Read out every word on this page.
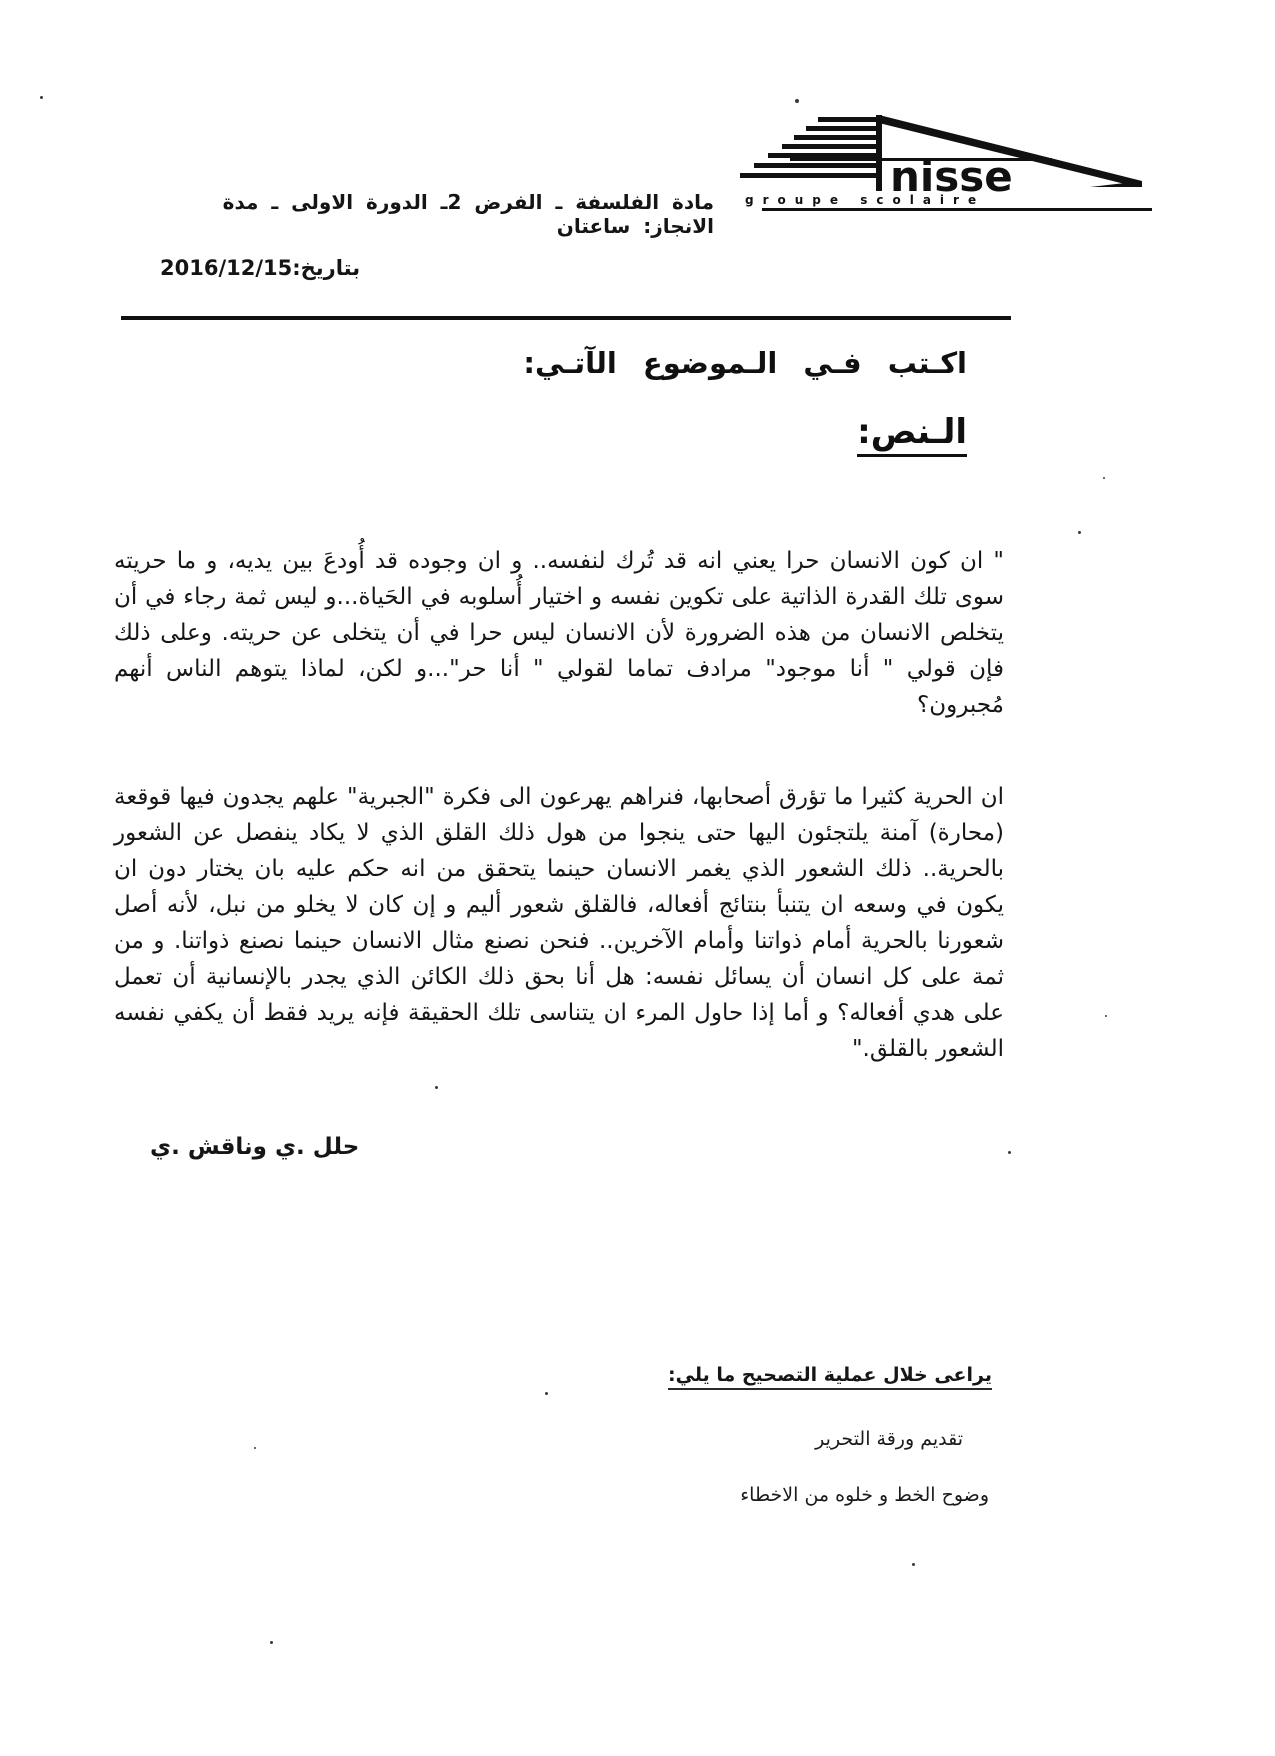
nisse
groupe scolaire
مادة الفلسفة ـ الفرض 2ـ الدورة الاولى ـ مدة الانجاز: ساعتان
بتاريخ:2016/12/15
اكـتب فـي الـموضوع الآتـي:
الـنص:

" ان كون الانسان حرا يعني انه قد تُرك لنفسه.. و ان وجوده قد أُودعَ بين يديه، و ما حريته سوى تلك القدرة الذاتية على تكوين نفسه و اختيار أُسلوبه في الحَياة...و ليس ثمة رجاء في أن يتخلص الانسان من هذه الضرورة لأن الانسان ليس حرا في أن يتخلى عن حريته. وعلى ذلك فإن قولي " أنا موجود" مرادف تماما لقولي " أنا حر"...و لكن، لماذا يتوهم الناس أنهم مُجبرون؟

ان الحرية كثيرا ما تؤرق أصحابها، فنراهم يهرعون الى فكرة "الجبرية" علهم يجدون فيها قوقعة (محارة) آمنة يلتجئون اليها حتى ينجوا من هول ذلك القلق الذي لا يكاد ينفصل عن الشعور بالحرية.. ذلك الشعور الذي يغمر الانسان حينما يتحقق من انه حكم عليه بان يختار دون ان يكون في وسعه ان يتنبأ بنتائج أفعاله، فالقلق شعور أليم و إن كان لا يخلو من نبل، لأنه أصل شعورنا بالحرية أمام ذواتنا وأمام الآخرين.. فنحن نصنع مثال الانسان حينما نصنع ذواتنا. و من ثمة على كل انسان أن يسائل نفسه: هل أنا بحق ذلك الكائن الذي يجدر بالإنسانية أن تعمل على هدي أفعاله؟ و أما إذا حاول المرء ان يتناسى تلك الحقيقة فإنه يريد فقط أن يكفي نفسه الشعور بالقلق."

حلل .ي وناقش .ي
يراعى خلال عملية التصحيح ما يلي:
تقديم ورقة التحرير
وضوح الخط و خلوه من الاخطاء
